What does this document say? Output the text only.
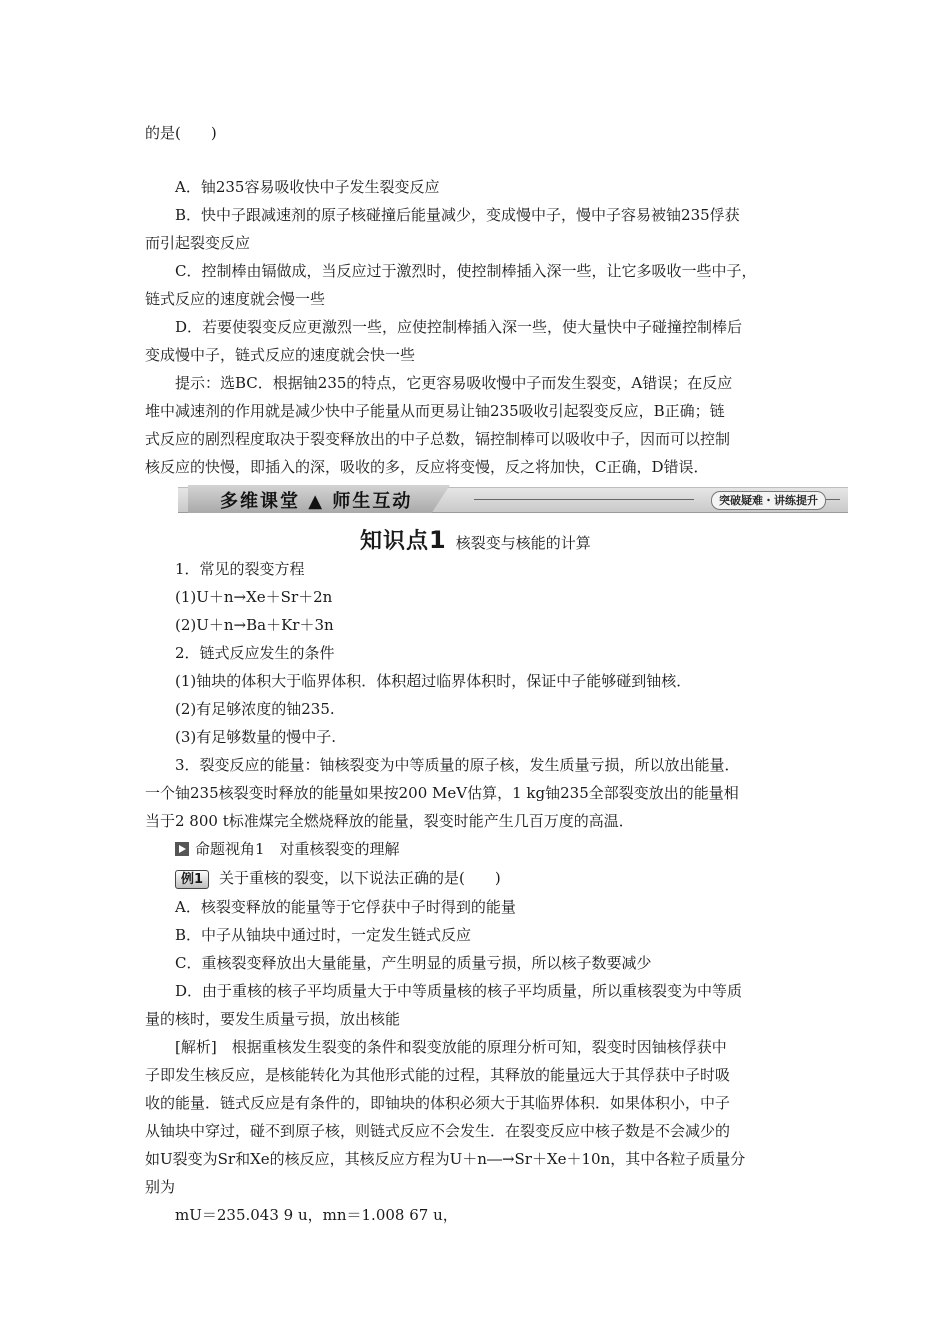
的是(　　)
A．铀235容易吸收快中子发生裂变反应
B．快中子跟减速剂的原子核碰撞后能量减少，变成慢中子，慢中子容易被铀235俘获
而引起裂变反应
C．控制棒由镉做成，当反应过于激烈时，使控制棒插入深一些，让它多吸收一些中子，
链式反应的速度就会慢一些
D．若要使裂变反应更激烈一些，应使控制棒插入深一些，使大量快中子碰撞控制棒后
变成慢中子，链式反应的速度就会快一些
提示：选BC．根据铀235的特点，它更容易吸收慢中子而发生裂变，A错误；在反应
堆中减速剂的作用就是减少快中子能量从而更易让铀235吸收引起裂变反应，B正确；链
式反应的剧烈程度取决于裂变释放出的中子总数，镉控制棒可以吸收中子，因而可以控制
核反应的快慢，即插入的深，吸收的多，反应将变慢，反之将加快，C正确，D错误．
多维课堂 ▲ 师生互动	突破疑难・讲练提升
知识点1 核裂变与核能的计算
1．常见的裂变方程
(1)U＋n→Xe＋Sr＋2n
(2)U＋n→Ba＋Kr＋3n
2．链式反应发生的条件
(1)铀块的体积大于临界体积．体积超过临界体积时，保证中子能够碰到铀核．
(2)有足够浓度的铀235.
(3)有足够数量的慢中子.
3．裂变反应的能量：铀核裂变为中等质量的原子核，发生质量亏损，所以放出能量．
一个铀235核裂变时释放的能量如果按200 MeV估算，1 kg铀235全部裂变放出的能量相
当于2 800 t标准煤完全燃烧释放的能量，裂变时能产生几百万度的高温．
命题视角1　对重核裂变的理解
例1 关于重核的裂变，以下说法正确的是(　　)
A．核裂变释放的能量等于它俘获中子时得到的能量
B．中子从铀块中通过时，一定发生链式反应
C．重核裂变释放出大量能量，产生明显的质量亏损，所以核子数要减少
D．由于重核的核子平均质量大于中等质量核的核子平均质量，所以重核裂变为中等质
量的核时，要发生质量亏损，放出核能
[解析]　根据重核发生裂变的条件和裂变放能的原理分析可知，裂变时因铀核俘获中
子即发生核反应，是核能转化为其他形式能的过程，其释放的能量远大于其俘获中子时吸
收的能量．链式反应是有条件的，即铀块的体积必须大于其临界体积．如果体积小，中子
从铀块中穿过，碰不到原子核，则链式反应不会发生．在裂变反应中核子数是不会减少的
如U裂变为Sr和Xe的核反应，其核反应方程为U＋n―→Sr＋Xe＋10n，其中各粒子质量分
别为
mU＝235.043 9 u，mn＝1.008 67 u，
